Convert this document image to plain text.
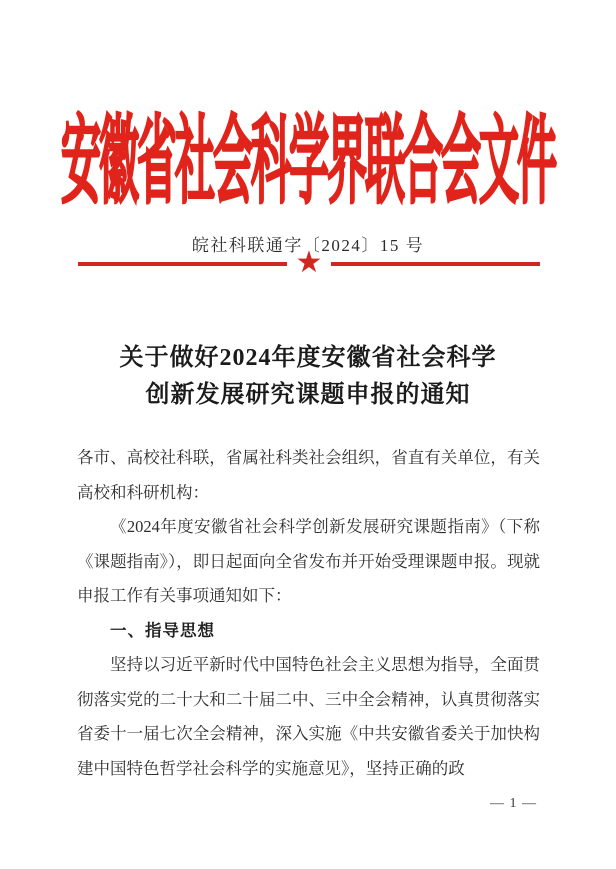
安徽省社会科学界联合会文件
皖社科联通字〔2024〕15 号
★
关于做好2024年度安徽省社会科学
创新发展研究课题申报的通知

各市、高校社科联，省属社科类社会组织，省直有关单位，有关高校和科研机构：

《2024年度安徽省社会科学创新发展研究课题指南》（下称《课题指南》），即日起面向全省发布并开始受理课题申报。现就申报工作有关事项通知如下：

一、指导思想

坚持以习近平新时代中国特色社会主义思想为指导，全面贯彻落实党的二十大和二十届二中、三中全会精神，认真贯彻落实省委十一届七次全会精神，深入实施《中共安徽省委关于加快构建中国特色哲学社会科学的实施意见》，坚持正确的政

— 1 —
